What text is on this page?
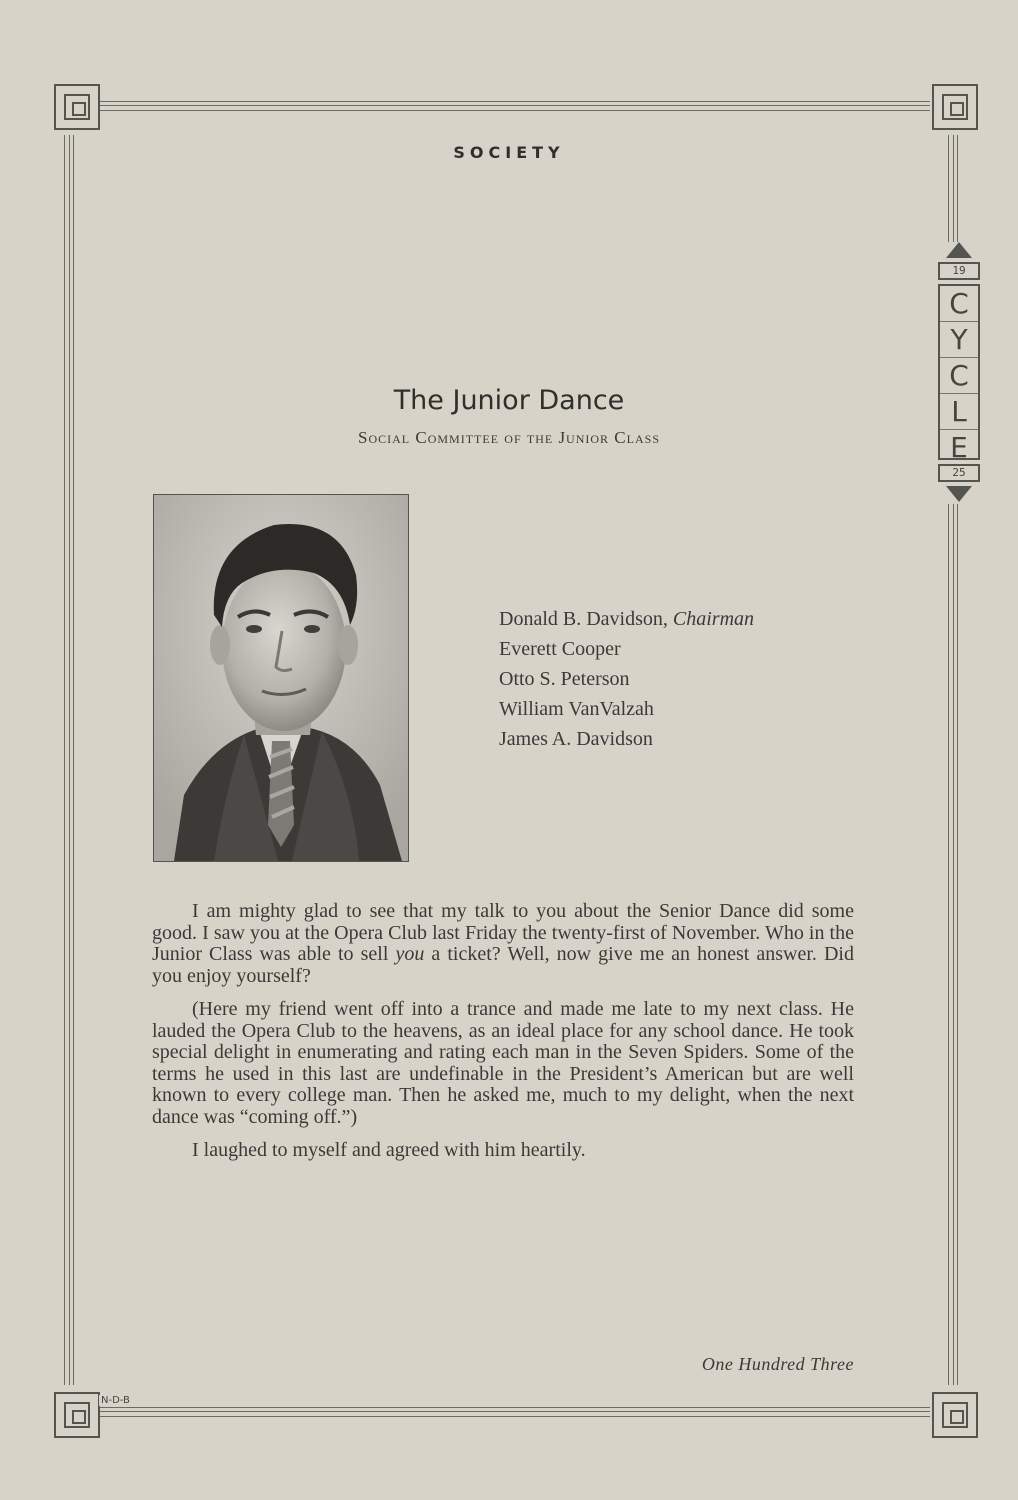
19
C
Y
C
L
E
25
SOCIETY
The Junior Dance
Social Committee of the Junior Class
Donald B. Davidson, Chairman
Everett Cooper
Otto S. Peterson
William VanValzah
James A. Davidson

I am mighty glad to see that my talk to you about the Senior Dance did some good. I saw you at the Opera Club last Friday the twenty-first of November. Who in the Junior Class was able to sell you a ticket? Well, now give me an honest answer. Did you enjoy yourself?

(Here my friend went off into a trance and made me late to my next class. He lauded the Opera Club to the heavens, as an ideal place for any school dance. He took special delight in enumerating and rating each man in the Seven Spiders. Some of the terms he used in this last are undefinable in the President’s American but are well known to every college man. Then he asked me, much to my delight, when the next dance was “coming off.”)

I laughed to myself and agreed with him heartily.

One Hundred Three
N-D-B
